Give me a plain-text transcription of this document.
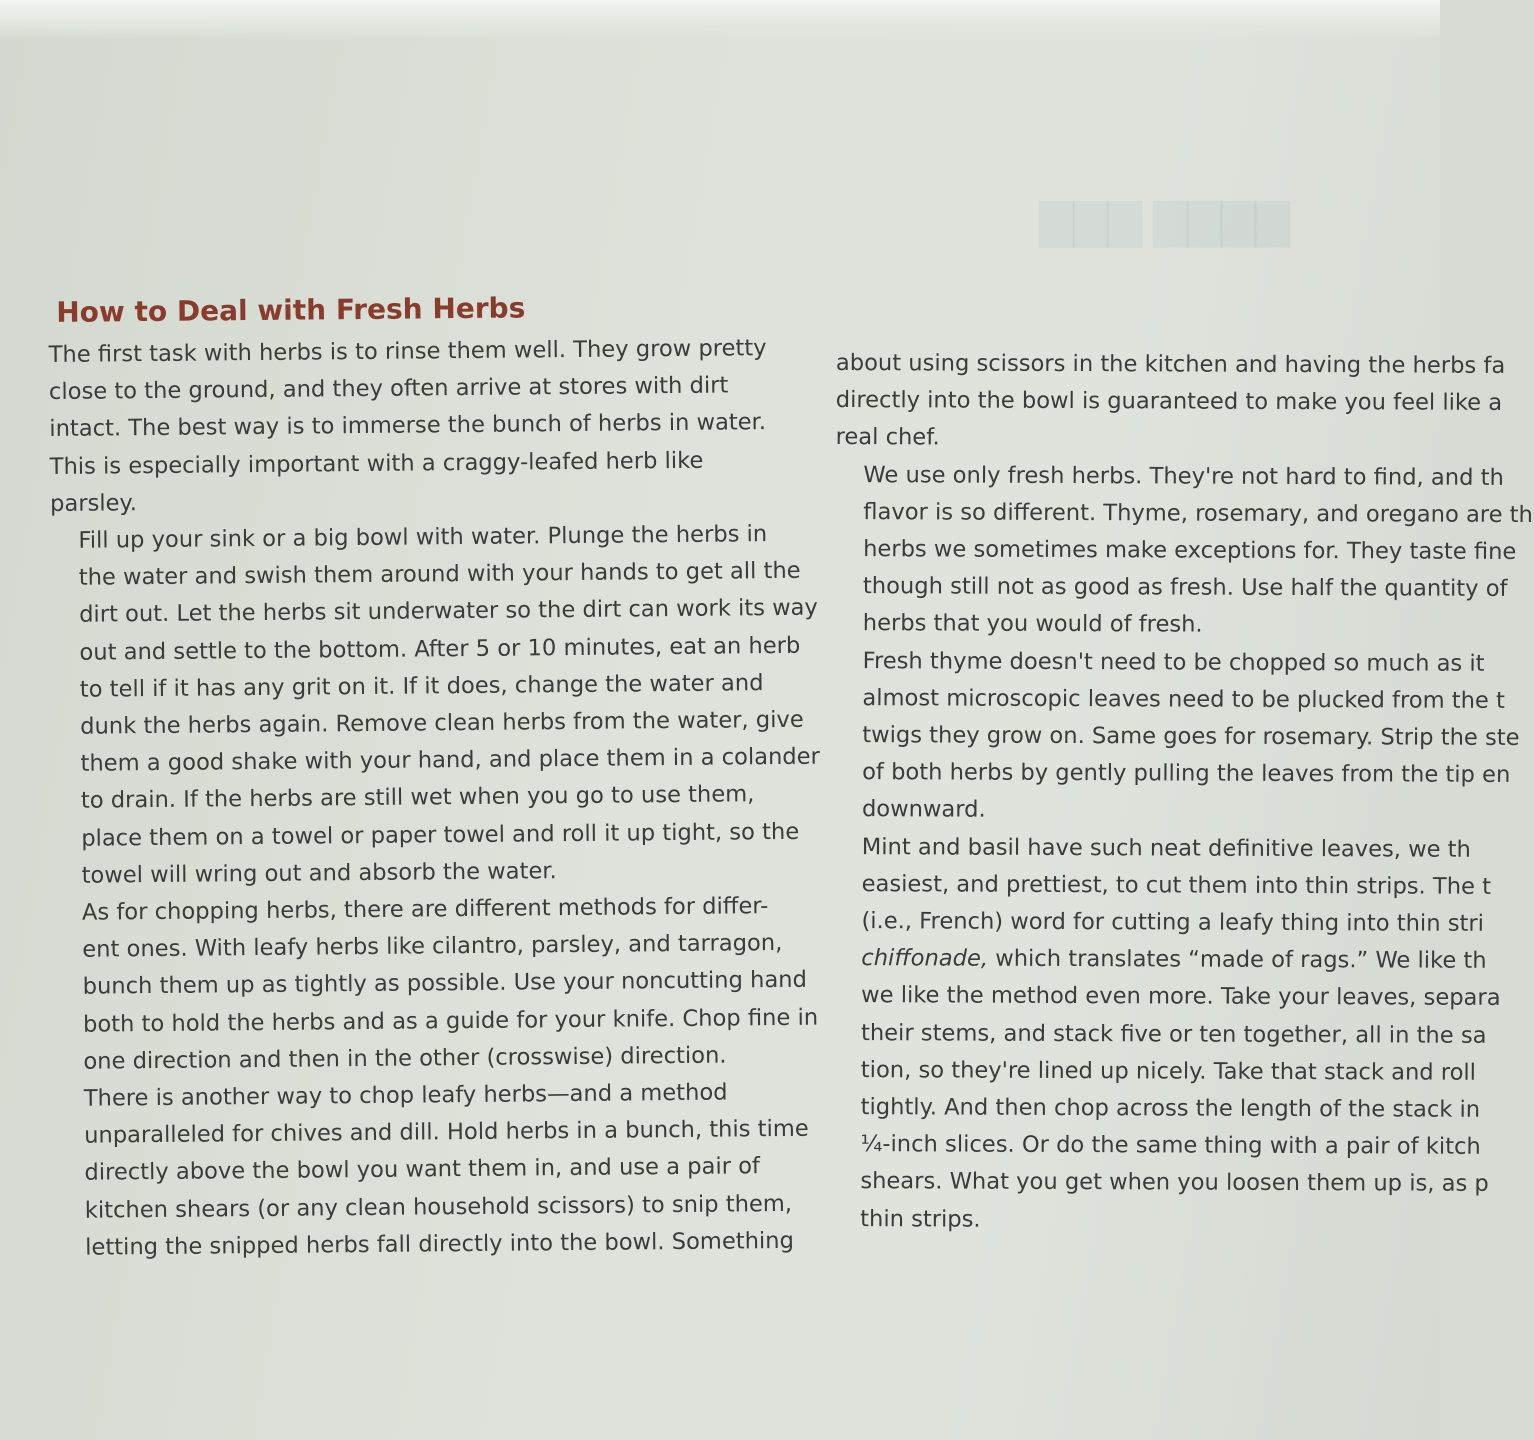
▇▇▇ ▇▇▇▇
How to Deal with Fresh Herbs

The first task with herbs is to rinse them well. They grow pretty
close to the ground, and they often arrive at stores with dirt
intact. The best way is to immerse the bunch of herbs in water.
This is especially important with a craggy-leafed herb like
parsley.

Fill up your sink or a big bowl with water. Plunge the herbs in
the water and swish them around with your hands to get all the
dirt out. Let the herbs sit underwater so the dirt can work its way
out and settle to the bottom. After 5 or 10 minutes, eat an herb
to tell if it has any grit on it. If it does, change the water and
dunk the herbs again. Remove clean herbs from the water, give
them a good shake with your hand, and place them in a colander
to drain. If the herbs are still wet when you go to use them,
place them on a towel or paper towel and roll it up tight, so the
towel will wring out and absorb the water.

As for chopping herbs, there are different methods for differ-
ent ones. With leafy herbs like cilantro, parsley, and tarragon,
bunch them up as tightly as possible. Use your noncutting hand
both to hold the herbs and as a guide for your knife. Chop fine in
one direction and then in the other (crosswise) direction.

There is another way to chop leafy herbs—and a method
unparalleled for chives and dill. Hold herbs in a bunch, this time
directly above the bowl you want them in, and use a pair of
kitchen shears (or any clean household scissors) to snip them,
letting the snipped herbs fall directly into the bowl. Something

about using scissors in the kitchen and having the herbs fa
directly into the bowl is guaranteed to make you feel like a
real chef.

We use only fresh herbs. They're not hard to find, and th
flavor is so different. Thyme, rosemary, and oregano are th
herbs we sometimes make exceptions for. They taste fine
though still not as good as fresh. Use half the quantity of
herbs that you would of fresh.

Fresh thyme doesn't need to be chopped so much as it
almost microscopic leaves need to be plucked from the t
twigs they grow on. Same goes for rosemary. Strip the ste
of both herbs by gently pulling the leaves from the tip en
downward.

Mint and basil have such neat definitive leaves, we th
easiest, and prettiest, to cut them into thin strips. The t
(i.e., French) word for cutting a leafy thing into thin stri
chiffonade, which translates “made of rags.” We like th
we like the method even more. Take your leaves, separa
their stems, and stack five or ten together, all in the sa
tion, so they're lined up nicely. Take that stack and roll
tightly. And then chop across the length of the stack in
¼-inch slices. Or do the same thing with a pair of kitch
shears. What you get when you loosen them up is, as p
thin strips.
